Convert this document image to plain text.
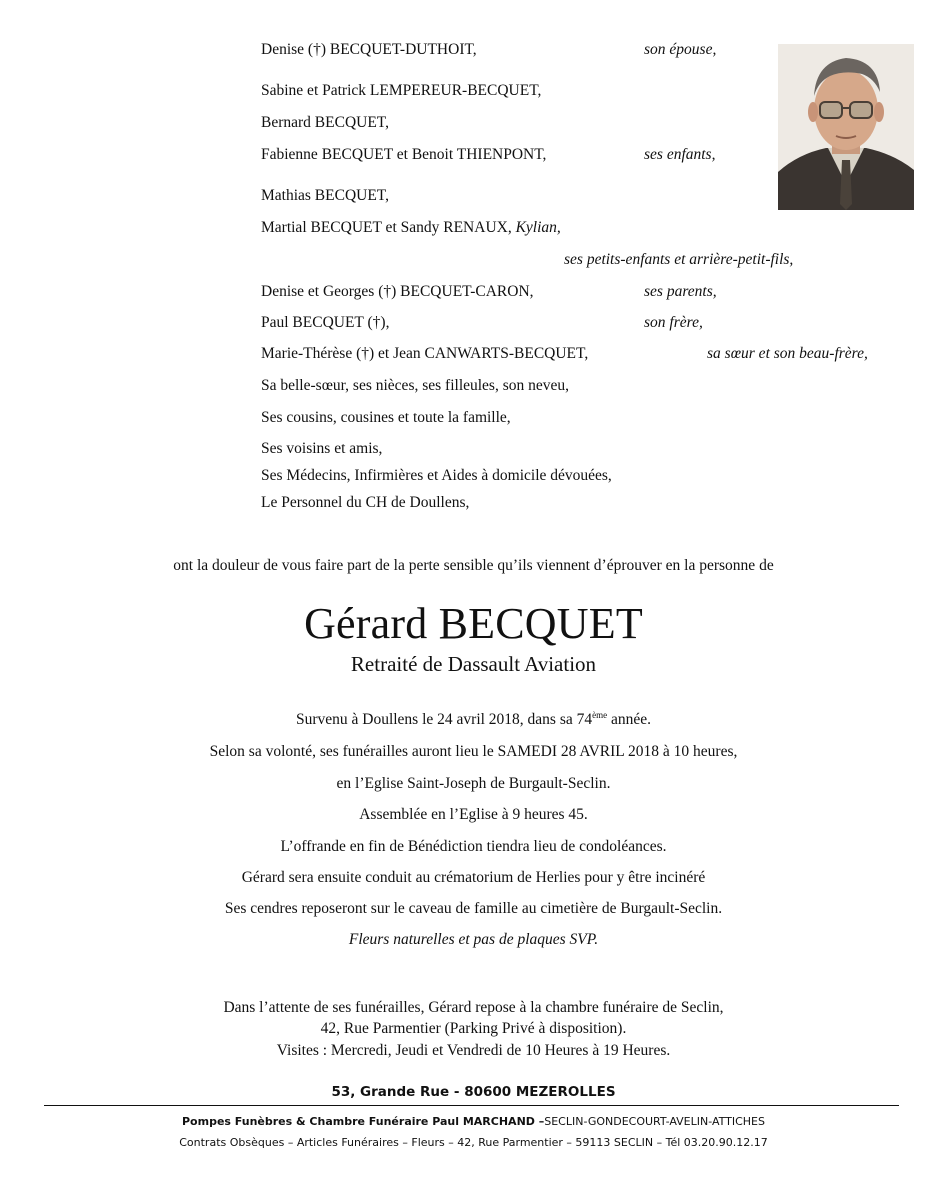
Denise (†) BECQUET-DUTHOIT,	son épouse,
Sabine et Patrick LEMPEREUR-BECQUET,
Bernard BECQUET,
Fabienne BECQUET et Benoit THIENPONT,	ses enfants,
Mathias BECQUET,
Martial BECQUET et Sandy RENAUX, Kylian,
ses petits-enfants et arrière-petit-fils,
Denise et Georges (†) BECQUET-CARON,	ses parents,
Paul BECQUET (†),	son frère,
Marie-Thérèse (†) et Jean CANWARTS-BECQUET,	sa sœur et son beau-frère,
Sa belle-sœur, ses nièces, ses filleules, son neveu,
Ses cousins, cousines et toute la famille,
Ses voisins et amis,
Ses Médecins, Infirmières et Aides à domicile dévouées,
Le Personnel du CH de Doullens,
ont la douleur de vous faire part de la perte sensible qu’ils viennent d’éprouver en la personne de
Gérard BECQUET
Retraité de Dassault Aviation
Survenu à Doullens le 24 avril 2018, dans sa 74ème année.
Selon sa volonté, ses funérailles auront lieu le SAMEDI 28 AVRIL 2018 à 10 heures,
en l’Eglise Saint-Joseph de Burgault-Seclin.
Assemblée en l’Eglise à 9 heures 45.
L’offrande en fin de Bénédiction tiendra lieu de condoléances.
Gérard sera ensuite conduit au crématorium de Herlies pour y être incinéré
Ses cendres reposeront sur le caveau de famille au cimetière de Burgault-Seclin.
Fleurs naturelles et pas de plaques SVP.
Dans l’attente de ses funérailles, Gérard repose à la chambre funéraire de Seclin,
42, Rue Parmentier (Parking Privé à disposition).
Visites : Mercredi, Jeudi et Vendredi de 10 Heures à 19 Heures.
53, Grande Rue - 80600 MEZEROLLES
Pompes Funèbres & Chambre Funéraire Paul MARCHAND –SECLIN-GONDECOURT-AVELIN-ATTICHES
Contrats Obsèques – Articles Funéraires – Fleurs – 42, Rue Parmentier – 59113 SECLIN – Tél 03.20.90.12.17
